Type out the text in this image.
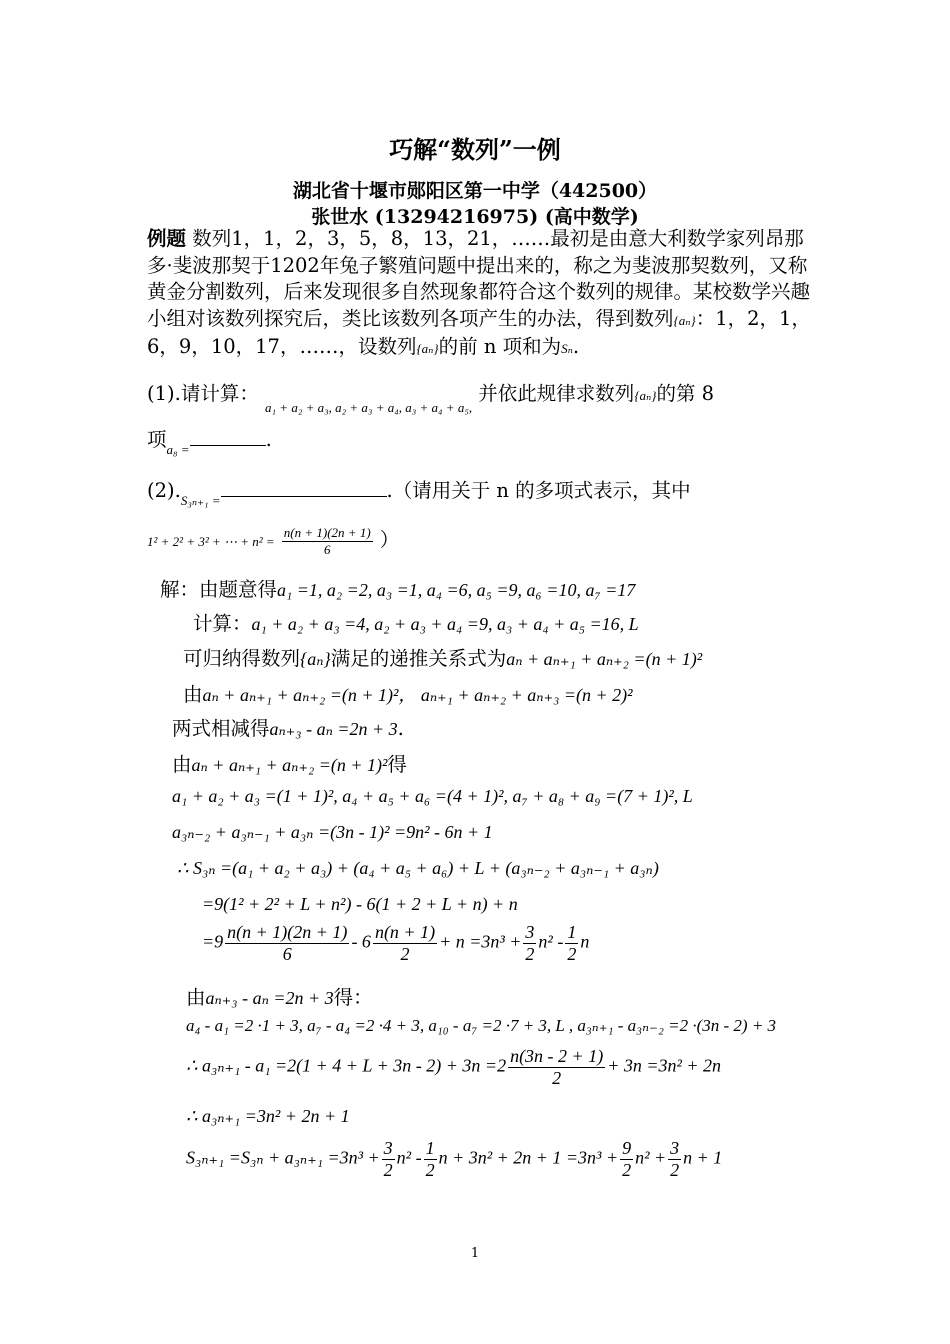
巧解“数列”一例
湖北省十堰市郧阳区第一中学（442500）
张世水 (13294216975) (高中数学)
例题 数列1，1，2，3，5，8，13，21，……最初是由意大利数学家列昂那多·斐波那契于1202年兔子繁殖问题中提出来的，称之为斐波那契数列，又称黄金分割数列，后来发现很多自然现象都符合这个数列的规律。某校数学兴趣小组对该数列探究后，类比该数列各项产生的办法，得到数列{aₙ}：1，2，1，6，9，10，17，……，设数列{aₙ}的前 n 项和为Sₙ.
(1).请计算： $_{a_1 + a_2 + a_3, a_2 + a_3 + a_4, a_3 + a_4 + a_5,}$ 并依此规律求数列{aₙ}的第 8
项$_{a_8 =}$	.
$(2)._{S_{3n+1} =}$	.（请用关于 n 的多项式表示，其中
1² + 2² + 3² + ⋯ + $n^2 = \frac{n(n + 1)(2n + 1)}{6}$ ）
解：由题意得a₁ =1, a₂ =2, a₃ =1, a₄ =6, a₅ =9, a₆ =10, a₇ =17
计算：a₁ + a₂ + a₃ =4, a₂ + a₃ + a₄ =9, a₃ + a₄ + a₅ =16, L
可归纳得数列{aₙ}满足的递推关系式为aₙ + aₙ₊₁ + aₙ₊₂ =(n + 1)²
由aₙ + aₙ₊₁ + aₙ₊₂ =(n + 1)²， aₙ₊₁ + aₙ₊₂ + aₙ₊₃ =(n + 2)²
两式相减得aₙ₊₃ - aₙ =2n + 3.
由aₙ + aₙ₊₁ + aₙ₊₂ =(n + 1)²得
a₁ + a₂ + a₃ =(1 + 1)², a₄ + a₅ + a₆ =(4 + 1)², a₇ + a₈ + a₉ =(7 + 1)², L
a₃ₙ₋₂ + a₃ₙ₋₁ + a₃ₙ =(3n - 1)² =9n² - 6n + 1
∴ S₃ₙ =(a₁ + a₂ + a₃) + (a₄ + a₅ + a₆) + L + (a₃ₙ₋₂ + a₃ₙ₋₁ + a₃ₙ)
=9(1² + 2² + L + n²) - 6(1 + 2 + L + n) + n
$=9 \frac{n(n + 1)(2n + 1)}{6} - 6 \frac{n(n + 1)}{2} + n =3n^3 + \frac{3}{2} n^2 - \frac{1}{2}$ n
由aₙ₊₃ - aₙ =2n + 3得：
a₄ - a₁ =2 ·1 + 3, a₇ - a₄ =2 ·4 + 3, a₁₀ - a₇ =2 ·7 + 3, L , a₃ₙ₊₁ - a₃ₙ₋₂ =2 ·(3n - 2) + 3
∴ $a_{3n+1} - a_1 =2(1 + 4 + L + 3n - 2) + 3n =2 \frac{n(3n - 2 + 1)}{2} + 3n =3n^2 + 2n$
∴ a₃ₙ₊₁ =3n² + 2n + 1
$S_{3n+1} =S_{3n} + a_{3n+1} =3n^3 + \frac{3}{2} n^2 - \frac{1}{2}$ $n + 3n^2 + 2n + 1 =3n^3 + \frac{9}{2} n^2 + \frac{3}{2}$ n + 1
1
